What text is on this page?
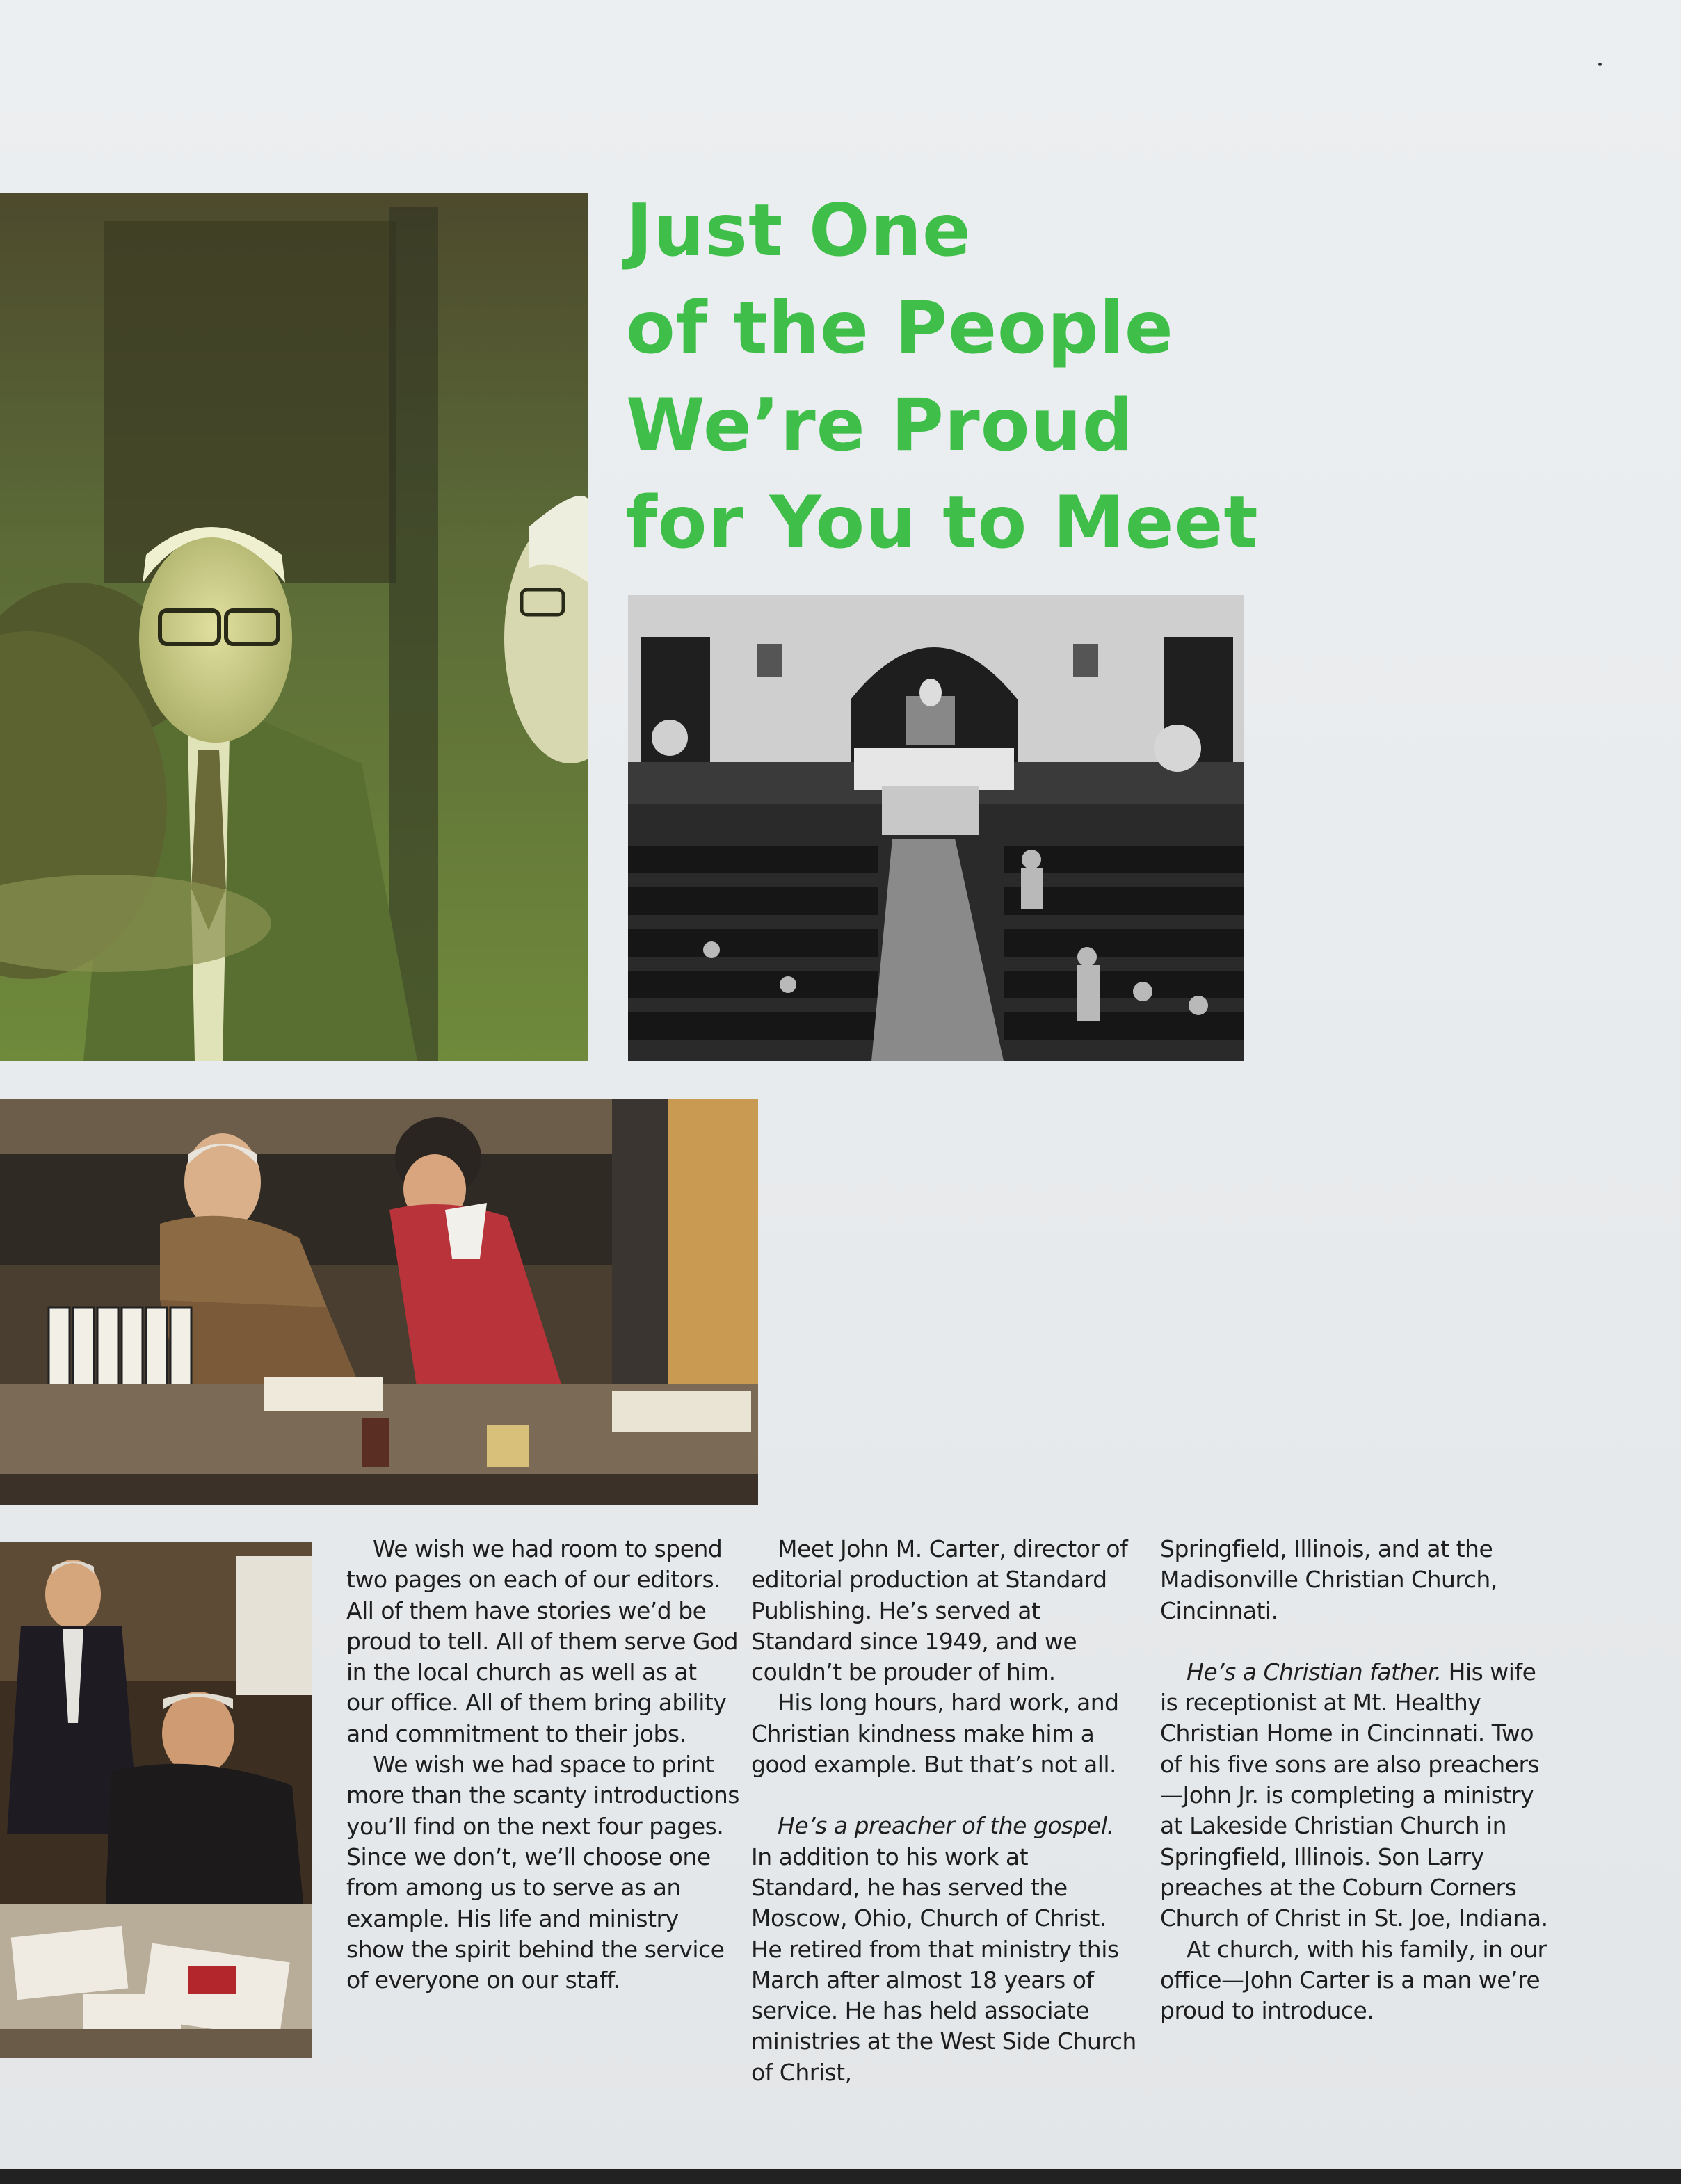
Just One
of the People
We’re Proud
for You to Meet

We wish we had room to spend two pages on each of our editors. All of them have stories we’d be proud to tell. All of them serve God in the local church as well as at our office. All of them bring ability and commitment to their jobs.

We wish we had space to print more than the scanty introductions you’ll find on the next four pages. Since we don’t, we’ll choose one from among us to serve as an example. His life and ministry show the spirit behind the service of everyone on our staff.

Meet John M. Carter, director of editorial production at Standard Publishing. He’s served at Standard since 1949, and we couldn’t be prouder of him.

His long hours, hard work, and Christian kindness make him a good example. But that’s not all.

He’s a preacher of the gospel. In addition to his work at Standard, he has served the Moscow, Ohio, Church of Christ. He retired from that ministry this March after almost 18 years of service. He has held associate ministries at the West Side Church of Christ,

Springfield, Illinois, and at the Madisonville Christian Church, Cincinnati.

He’s a Christian father. His wife is receptionist at Mt. Healthy Christian Home in Cincinnati. Two of his five sons are also preachers—John Jr. is completing a ministry at Lakeside Christian Church in Springfield, Illinois. Son Larry preaches at the Coburn Corners Church of Christ in St. Joe, Indiana.

At church, with his family, in our office—John Carter is a man we’re proud to introduce.
